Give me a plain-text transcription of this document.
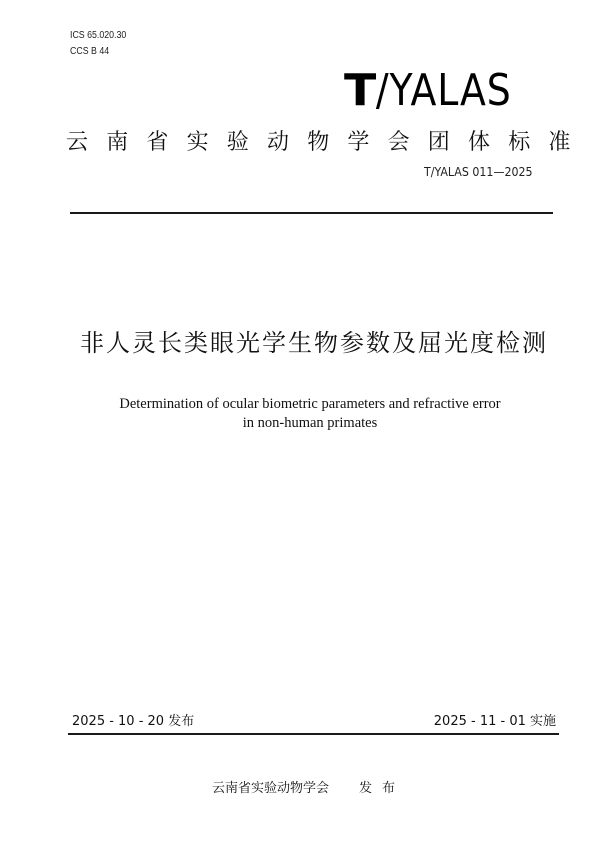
ICS 65.020.30
CCS B 44
T/YALAS
云南省实验动物学会团体标准
T/YALAS 011—2025
非人灵长类眼光学生物参数及屈光度检测
Determination of ocular biometric parameters and refractive error
in non-human primates
2025 - 10 - 20 发布	2025 - 11 - 01 实施
云南省实验动物学会 发布
